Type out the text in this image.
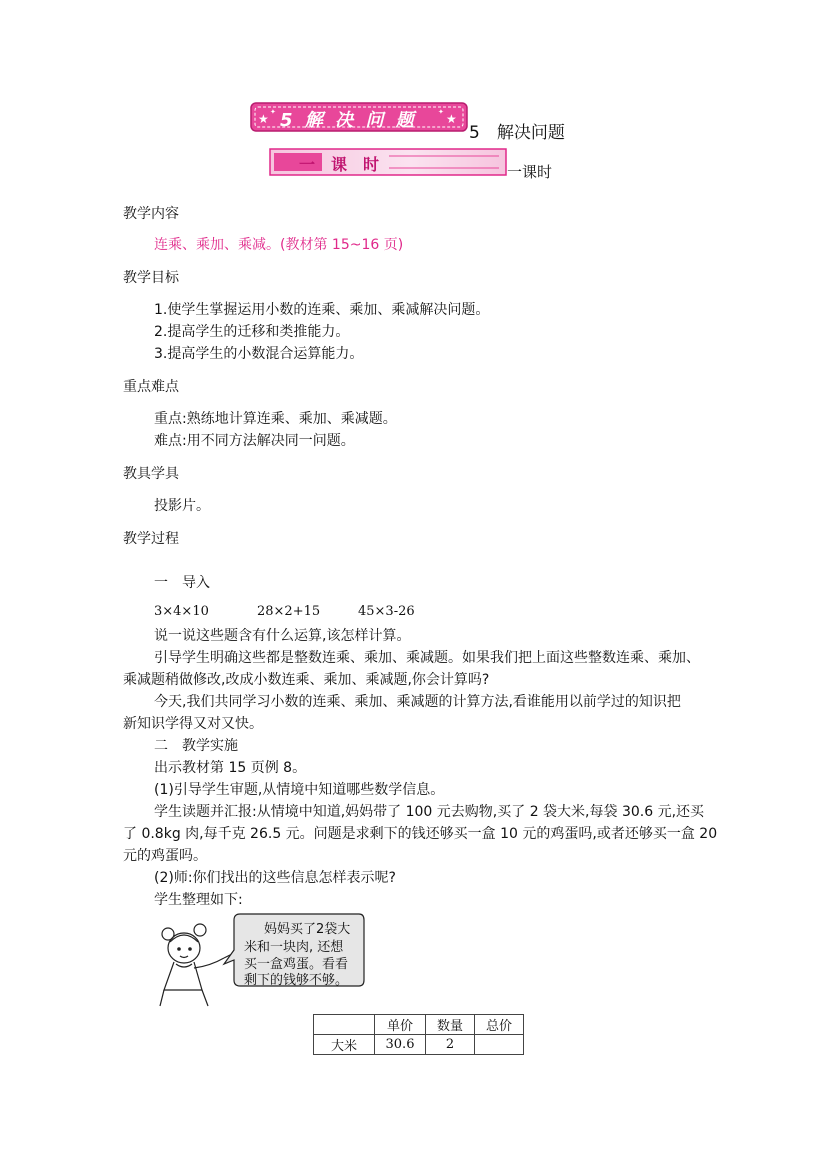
★	★
✦	✦
5 解 决 问 题
5　解决问题
一　课　时	一课时
教学内容
连乘、乘加、乘减。(教材第 15~16 页)
教学目标
1.使学生掌握运用小数的连乘、乘加、乘减解决问题。
2.提高学生的迁移和类推能力。
3.提高学生的小数混合运算能力。
重点难点
重点:熟练地计算连乘、乘加、乘减题。
难点:用不同方法解决同一问题。
教具学具
投影片。
教学过程
一　导入
3×4×10	28×2+15	45×3-26
说一说这些题含有什么运算,该怎样计算。
引导学生明确这些都是整数连乘、乘加、乘减题。如果我们把上面这些整数连乘、乘加、
乘减题稍做修改,改成小数连乘、乘加、乘减题,你会计算吗?
今天,我们共同学习小数的连乘、乘加、乘减题的计算方法,看谁能用以前学过的知识把
新知识学得又对又快。
二　教学实施
出示教材第 15 页例 8。
(1)引导学生审题,从情境中知道哪些数学信息。
学生读题并汇报:从情境中知道,妈妈带了 100 元去购物,买了 2 袋大米,每袋 30.6 元,还买
了 0.8kg 肉,每千克 26.5 元。问题是求剩下的钱还够买一盒 10 元的鸡蛋吗,或者还够买一盒 20
元的鸡蛋吗。
(2)师:你们找出的这些信息怎样表示呢?
学生整理如下:
妈妈买了2袋大
米和一块肉, 还想
买一盒鸡蛋。看看
剩下的钱够不够。
	单价	数量	总价
大米	30.6	2	
